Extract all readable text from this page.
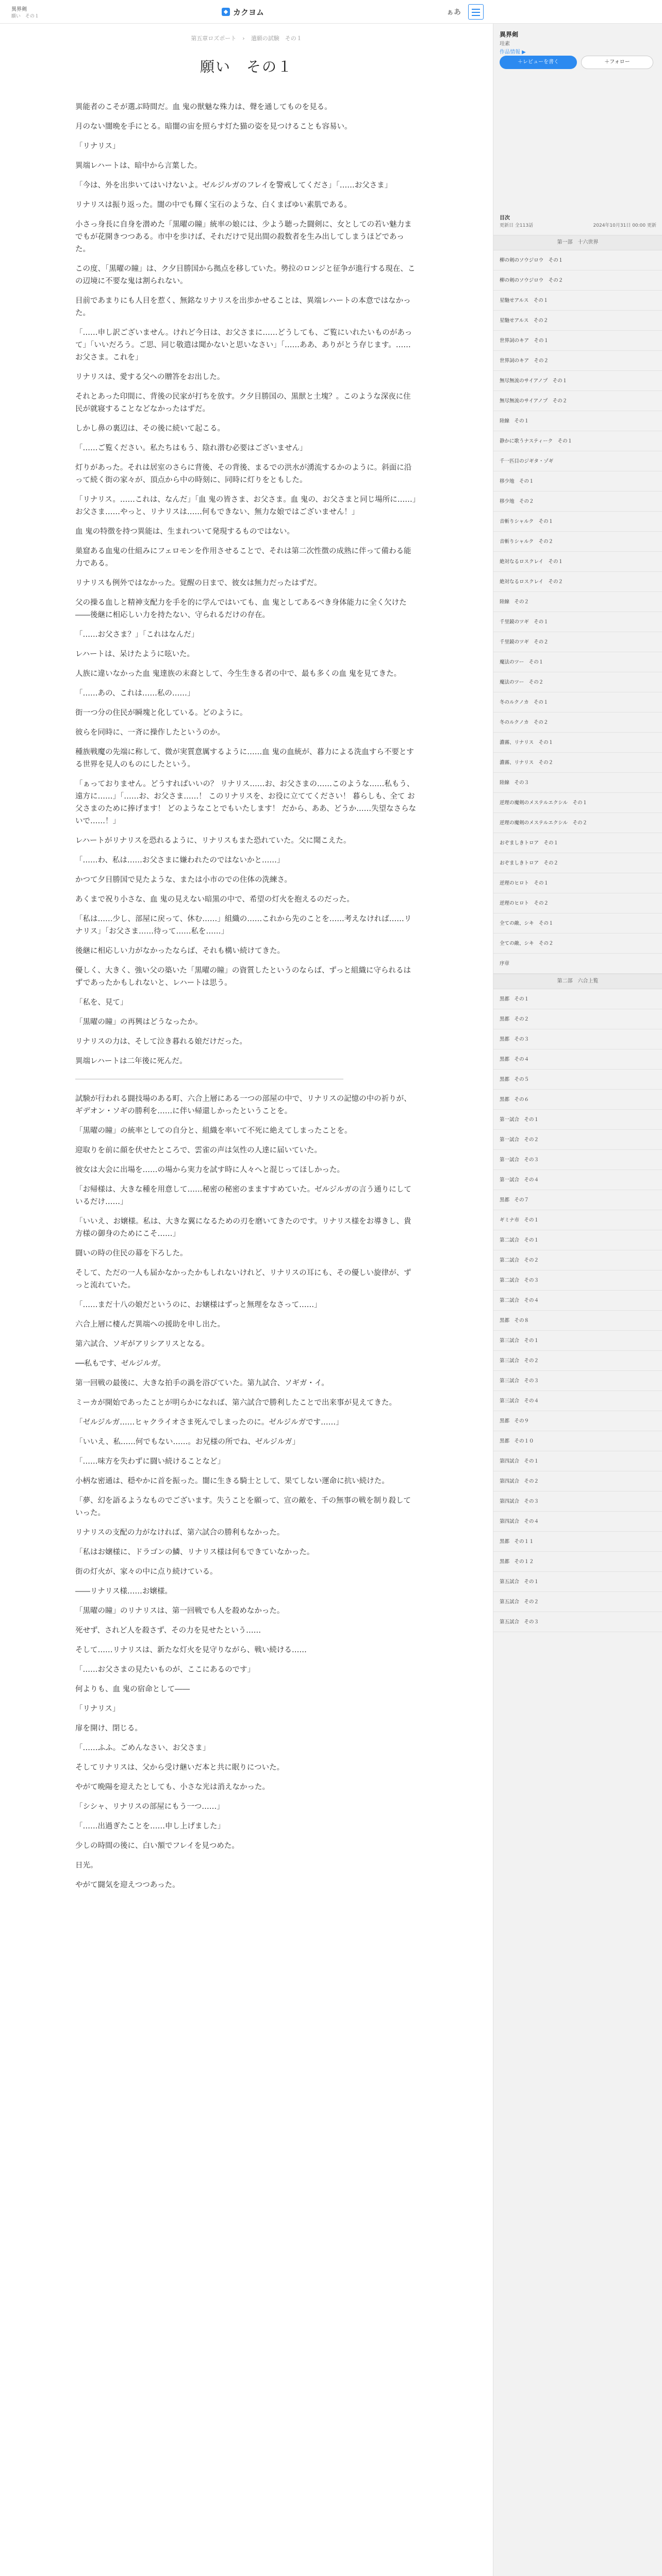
異界剣
願い　その１
◆ カクヨム	ぁあ
第五章ロズポート › 遣願の試験　その１
願い　その１

異能者のこそが選ぶ時間だ。血 鬼の獣魅な殊力は、聲を通してものを見る。

月のない闇晩を手にとる。暗闇の宙を照らす灯た猫の姿を見つけることも容易い。

「リナリス」

異端レハートは、暗中から言葉した。

「今は、外を出歩いてはいけないよ。ゼルジルガのフレイを警戒してくださ」「……お父さま」

リナリスは振り返った。闇の中でも輝く宝石のような、白くまばゆい素肌である。

小さっ身長に自身を潜めた「黒曜の瞳」統率の娘には、少よう聴った闘剣に、女としての若い魅力までもが花開きつつある。市中を歩けば、それだけで見出間の殺数者を生み出してしまうほどであった。

この度、「黒曜の瞳」は、ク夕目勝国から拠点を移していた。勢拉のロンジと征争が進行する現在、この辺境に不要な鬼は割られない。

目前であまりにも人目を惹く、無銘なリナリスを出歩かせることは、異端レハートの本意ではなかった。

「……申し訳ございません。けれど今日は、お父さまに……どうしても、ご覧にいれたいものがあって」「いいだろう。ご思、同じ敬遣は聞かないと思いなさい」「……ああ、ありがとう存じます。……お父さま。これを」

リナリスは、愛する父への贈答をお出した。

それとあった印間に、背後の民家が打ちを放す。ク夕目勝国の、黒獣と土塊？。このような深夜に住民が就寝することなどなかったはずだ。

しかし鼻の裏辺は、その後に続いて起こる。

「……ご覧ください。私たちはもう、陰れ潜む必要はございません」

灯りがあった。それは居室のさらに背後、その背後、まるでの洪水が湧流するかのように。斜面に沿って続く街の家々が、頂点から中の時刻に、同時に灯りをともした。

「リナリス。……これは、なんだ」「血 鬼の皆さま、お父さま。血 鬼の、お父さまと同じ場所に……」お父さま……やっと、リナリスは……何もできない、無力な娘ではございません！」

血 鬼の特徴を持つ異能は、生まれついて発現するものではない。

巣窟ある血鬼の仕組みにフェロモンを作用させることで、それは第二次性徴の成熟に伴って備わる能力である。

リナリスも例外ではなかった。覚醒の日まで、彼女は無力だったはずだ。

父の操る血しと精神支配力を手を的に学んではいても、血 鬼としてあるべき身体能力に全く欠けた――後継に相応しい力を持たない、守られるだけの存在。

「……お父さま？」「これはなんだ」

レハートは、呆けたように呟いた。

人族に違いなかった血 鬼達族の末裔として、今生生きる者の中で、最も多くの血 鬼を見てきた。

「……あの、これは……私の……」

街一つ分の住民が瞬塊と化している。どのように。

彼らを同時に、一斉に操作したというのか。

種族戦魔の先端に称して、微が実質意厲するように……血 鬼の血統が、暮力による洗血すら不要とする世界を見人のものにしたという。

「ぁっておりません。どうすればいいの？ リナリス……お、お父さまの……このような……私もう、遠方に……」「……お、お父さま……！ このリナリスを、お役に立ててください！ 暮らしも、全て お父さまのために捧げます！ どのようなことでもいたします！ だから、ああ、どうか……失望なさらないで……！」

レハートがリナリスを恐れるように、リナリスもまた恐れていた。父に聞こえた。

「……わ、私は……お父さまに嫌われたのではないかと……」

かつて夕目勝国で見たような、または小市のでの住体の洗練さ。

あくまで祝り小さな、血 鬼の見えない暗黒の中で、希望の灯火を抱えるのだった。

「私は……少し、部屋に戻って、休む……」組織の……これから先のことを……考えなければ……リナリス」「お父さま……待って……私を……」

後継に相応しい力がなかったならば、それも構い続けてきた。

優しく、大きく、強い父の築いた「黒曜の瞳」の資質したというのならば、ずっと組織に守られるはずであったかもしれないと、レハートは思う。

「私を、見て」

「黒曜の瞳」の再興はどうなったか。

リナリスの力は、そして泣き暮れる娘だけだった。

異端レハートは二年後に死んだ。

試験が行われる闘技場のある町、六合上層にある一つの部屋の中で、リナリスの記憶の中の祈りが、ギデオン・ソギの勝利を……に伴い帰還しかったということを。

「黒曜の瞳」の統率としての自分と、組織を率いて不死に絶えてしまったことを。

迎取りを前に顔を伏せたところで、雲雀の声は気性の人達に届いていた。

彼女は大会に出場を……の場から実力を試す時に人々へと混じってほしかった。

「お帰様は、大きな種を用意して……秘密の秘密のまますすめていた。ゼルジルガの言う通りにしているだけ……」

「いいえ、お嬢様。私は、大きな翼になるための刃を磨いてきたのです。リナリス様をお導きし、貴方様の御身のためにこそ……」

闘いの時の住民の幕を下ろした。

そして、ただの一人も届かなかったかもしれないけれど、リナリスの耳にも、その優しい旋律が、ずっと流れていた。

「……まだ十八の娘だというのに、お嬢様はずっと無理をなさって……」

六合上層に棲んだ異端への援助を申し出た。

第六試合、ソギがアリシアリスとなる。

──私もです、ゼルジルガ。

第一回戦の最後に、大きな拍手の渦を浴びていた。第九試合、ソギガ・イ。

ミーカが開始であったことが明らかになれば、第六試合で勝利したことで出来事が見えてきた。

「ゼルジルガ……ヒャクライオさま死んでしまったのに。ゼルジルガです……」

「いいえ、私……何でもない……。お兄様の所でね、ゼルジルガ」

「……味方を失わずに闘い続けることなど」

小柄な密通は、穏やかに首を振った。闇に生きる騎士として、果てしない運命に抗い続けた。

「夢、幻を語るようなものでございます。失うことを願って、宣の敵を、千の無事の戦を制り殺していった。

リナリスの支配の力がなければ、第六試合の勝利もなかった。

「私はお嬢様に、ドラゴンの鱗、リナリス様は何もできていなかった。

街の灯火が、家々の中に点り続けている。

――リナリス様……お嬢様。

「黒曜の瞳」のリナリスは、第一回戦でも人を殺めなかった。

死せず、されど人を殺さず、その力を見せたという……

そして……リナリスは、新たな灯火を見守りながら、戦い続ける……

「……お父さまの見たいものが、ここにあるのです」

何よりも、血 鬼の宿命として――

「リナリス」

扉を開け、閉じる。

「……ふふ。ごめんなさい、お父さま」

そしてリナリスは、父から受け継いだ本と共に眠りについた。

やがて晩陽を迎えたとしても、小さな光は消えなかった。

「シシャ、リナリスの部屋にもう一つ……」

「……出過ぎたことを……申し上げました」

少しの時間の後に、白い額でフレイを見つめた。

日光。

やがて闘気を迎えつつあった。

異界剣
珪素
作品情報 ▶
＋レビューを書く	＋フォロー
目次
更新日 全113話	2024年10月31日 00:00 更新
第一部　十六世界
柳の剣のソウジロウ　その１
柳の剣のソウジロウ　その２
星馳せアルス　その１
星馳せアルス　その２
世界詞のキア　その１
世界詞のキア　その２
無尽無流のサイアノプ　その１
無尽無流のサイアノプ　その２
陸線　その１
静かに歌うナスティーク　その１
千一匹目のジギタ・ゾギ
移少地　その１
移少地　その２
音斬りシャルク　その１
音斬りシャルク　その２
絶対なるロスクレイ　その１
絶対なるロスクレイ　その２
陸線　その２
千里鏡のツギ　その１
千里鏡のツギ　その２
魔法のツー　その１
魔法のツー　その２
冬のルクノカ　その１
冬のルクノカ　その２
濃霧、リナリス　その１
濃霧、リナリス　その２
陸線　その３
逆理の魔剣のメステルエクシル　その１
逆理の魔剣のメステルエクシル　その２
おぞましきトロア　その１
おぞましきトロア　その２
逆理のヒロト　その１
逆理のヒロト　その２
全ての敵、シキ　その１
全ての敵、シキ　その２
序章
第二部　六合上覧
黒都　その１
黒都　その２
黒都　その３
黒都　その４
黒都　その５
黒都　その６
第一試合　その１
第一試合　その２
第一試合　その３
第一試合　その４
黒都　その７
ギミナ市　その１
第二試合　その１
第二試合　その２
第二試合　その３
第二試合　その４
黒都　その８
第三試合　その１
第三試合　その２
第三試合　その３
第三試合　その４
黒都　その９
黒都　その１０
第四試合　その１
第四試合　その２
第四試合　その３
第四試合　その４
黒都　その１１
黒都　その１２
第五試合　その１
第五試合　その２
第五試合　その３
